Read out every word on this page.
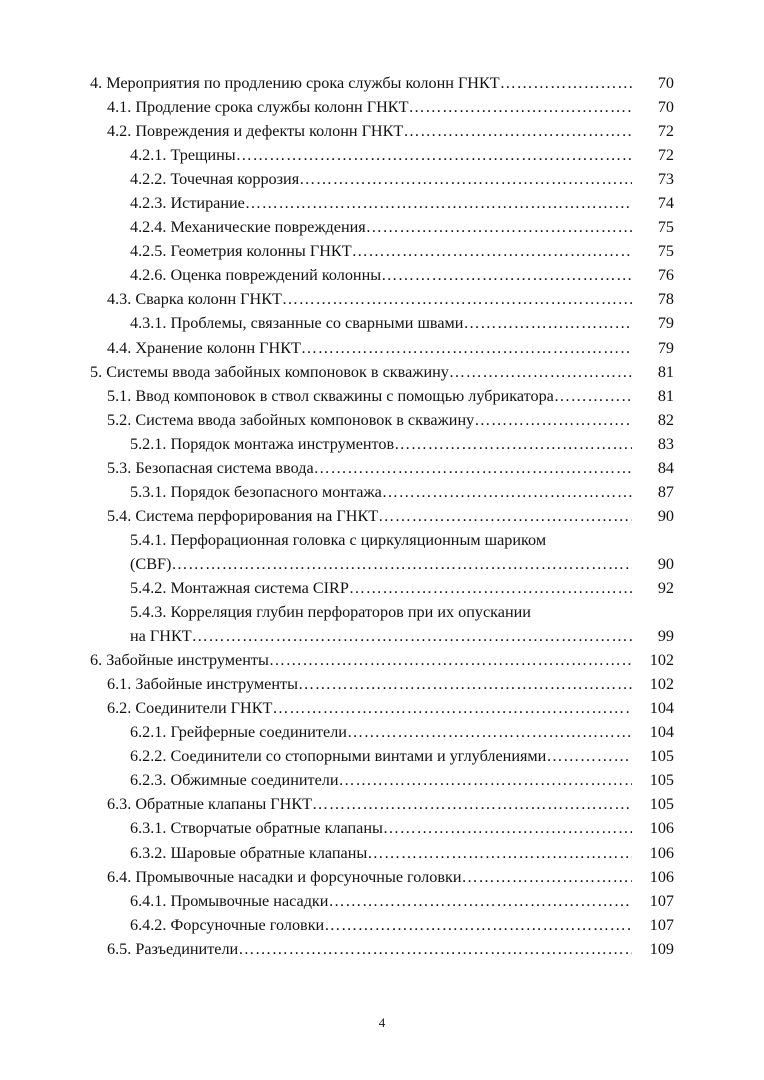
4. Мероприятия по продлению срока службы колонн ГНКТ ……………………………………………………………………………………………………………………………………………	70
4.1. Продление срока службы колонн ГНКТ ……………………………………………………………………………………………………………………………………………	70
4.2. Повреждения и дефекты колонн ГНКТ ……………………………………………………………………………………………………………………………………………	72
4.2.1. Трещины ……………………………………………………………………………………………………………………………………………	72
4.2.2. Точечная коррозия ……………………………………………………………………………………………………………………………………………	73
4.2.3. Истирание ……………………………………………………………………………………………………………………………………………	74
4.2.4. Механические повреждения ……………………………………………………………………………………………………………………………………………	75
4.2.5. Геометрия колонны ГНКТ ……………………………………………………………………………………………………………………………………………	75
4.2.6. Оценка повреждений колонны ……………………………………………………………………………………………………………………………………………	76
4.3. Сварка колонн ГНКТ ……………………………………………………………………………………………………………………………………………	78
4.3.1. Проблемы, связанные со сварными швами ……………………………………………………………………………………………………………………………………………	79
4.4. Хранение колонн ГНКТ ……………………………………………………………………………………………………………………………………………	79
5. Системы ввода забойных компоновок в скважину ……………………………………………………………………………………………………………………………………………	81
5.1. Ввод компоновок в ствол скважины с помощью лубрикатора ……………………………………………………………………………………………………………………………………………	81
5.2. Система ввода забойных компоновок в скважину ……………………………………………………………………………………………………………………………………………	82
5.2.1. Порядок монтажа инструментов ……………………………………………………………………………………………………………………………………………	83
5.3. Безопасная система ввода ……………………………………………………………………………………………………………………………………………	84
5.3.1. Порядок безопасного монтажа ……………………………………………………………………………………………………………………………………………	87
5.4. Система перфорирования на ГНКТ ……………………………………………………………………………………………………………………………………………	90
5.4.1. Перфорационная головка с циркуляционным шариком
(CBF) ……………………………………………………………………………………………………………………………………………	90
5.4.2. Монтажная система CIRP ……………………………………………………………………………………………………………………………………………	92
5.4.3. Корреляция глубин перфораторов при их опускании
на ГНКТ ……………………………………………………………………………………………………………………………………………	99
6. Забойные инструменты ……………………………………………………………………………………………………………………………………………	102
6.1. Забойные инструменты ……………………………………………………………………………………………………………………………………………	102
6.2. Соединители ГНКТ ……………………………………………………………………………………………………………………………………………	104
6.2.1. Грейферные соединители ……………………………………………………………………………………………………………………………………………	104
6.2.2. Соединители со стопорными винтами и углублениями ……………………………………………………………………………………………………………………………………………	105
6.2.3. Обжимные соединители ……………………………………………………………………………………………………………………………………………	105
6.3. Обратные клапаны ГНКТ ……………………………………………………………………………………………………………………………………………	105
6.3.1. Створчатые обратные клапаны ……………………………………………………………………………………………………………………………………………	106
6.3.2. Шаровые обратные клапаны ……………………………………………………………………………………………………………………………………………	106
6.4. Промывочные насадки и форсуночные головки ……………………………………………………………………………………………………………………………………………	106
6.4.1. Промывочные насадки ……………………………………………………………………………………………………………………………………………	107
6.4.2. Форсуночные головки ……………………………………………………………………………………………………………………………………………	107
6.5. Разъединители ……………………………………………………………………………………………………………………………………………	109
4
